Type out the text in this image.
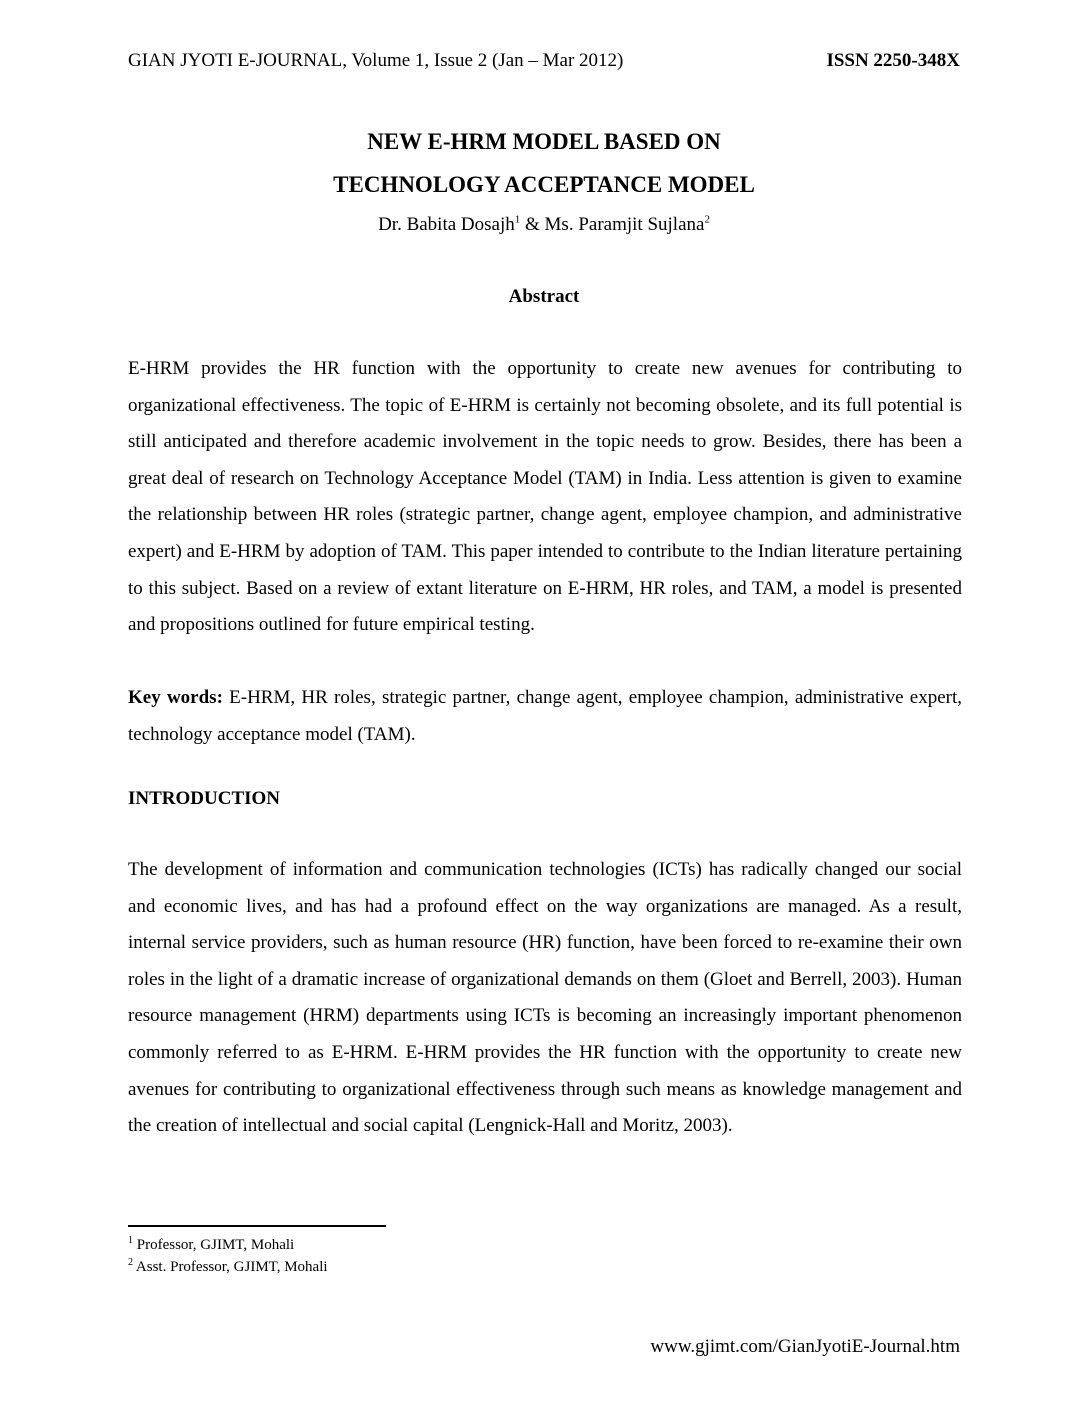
GIAN JYOTI E-JOURNAL, Volume 1, Issue 2 (Jan – Mar 2012)	ISSN 2250-348X
NEW E-HRM MODEL BASED ON
TECHNOLOGY ACCEPTANCE MODEL
Dr. Babita Dosajh$^1$ & Ms. Paramjit Sujlana$^2$
Abstract
E-HRM provides the HR function with the opportunity to create new avenues for contributing to organizational effectiveness. The topic of E-HRM is certainly not becoming obsolete, and its full potential is still anticipated and therefore academic involvement in the topic needs to grow. Besides, there has been a great deal of research on Technology Acceptance Model (TAM) in India. Less attention is given to examine the relationship between HR roles (strategic partner, change agent, employee champion, and administrative expert) and E-HRM by adoption of TAM. This paper intended to contribute to the Indian literature pertaining to this subject. Based on a review of extant literature on E-HRM, HR roles, and TAM, a model is presented and propositions outlined for future empirical testing.
Key words: E-HRM, HR roles, strategic partner, change agent, employee champion, administrative expert, technology acceptance model (TAM).
INTRODUCTION
The development of information and communication technologies (ICTs) has radically changed our social and economic lives, and has had a profound effect on the way organizations are managed. As a result, internal service providers, such as human resource (HR) function, have been forced to re-examine their own roles in the light of a dramatic increase of organizational demands on them (Gloet and Berrell, 2003). Human resource management (HRM) departments using ICTs is becoming an increasingly important phenomenon commonly referred to as E-HRM. E-HRM provides the HR function with the opportunity to create new avenues for contributing to organizational effectiveness through such means as knowledge management and the creation of intellectual and social capital (Lengnick-Hall and Moritz, 2003).
$^1$ Professor, GJIMT, Mohali
$^2$ Asst. Professor, GJIMT, Mohali
www.gjimt.com/GianJyotiE-Journal.htm
